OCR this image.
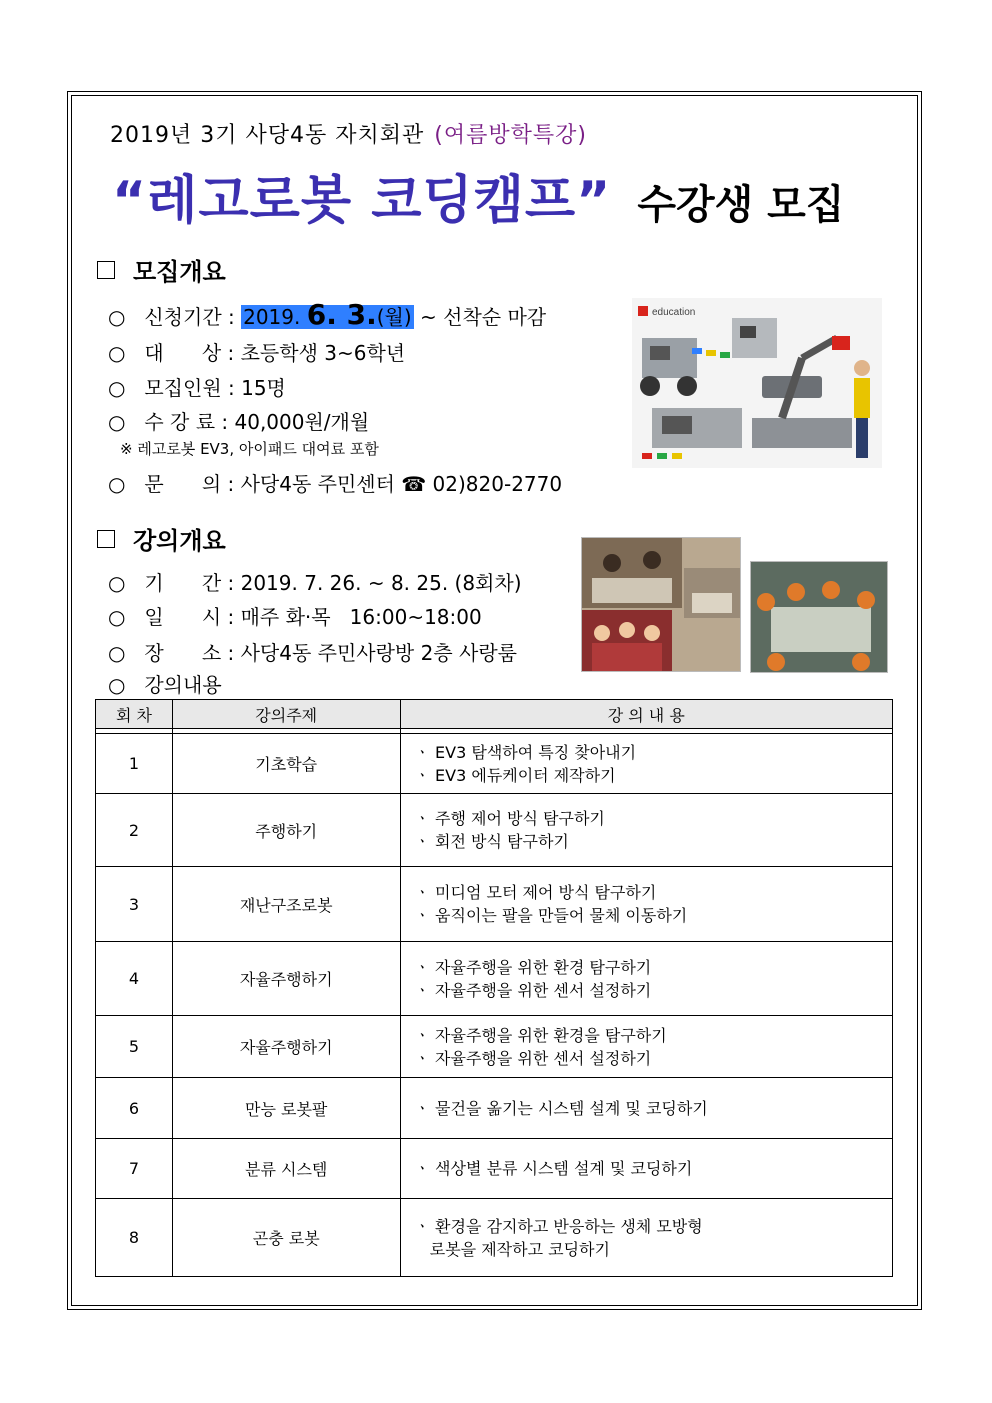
2019년 3기 사당4동 자치회관 (여름방학특강)
“레고로봇 코딩캠프” 수강생 모집
모집개요
○ 신청기간 : 2019. 6. 3.(월) ~ 선착순 마감
○ 대      상 : 초등학생 3~6학년
○ 모집인원 : 15명
○ 수 강 료 : 40,000원/개월
※ 레고로봇 EV3, 아이패드 대여료 포함
○ 문      의 : 사당4동 주민센터 ☎ 02)820-2770
education
강의개요
○ 기      간 : 2019. 7. 26. ~ 8. 25. (8회차)
○ 일      시 : 매주 화·목   16:00~18:00
○ 장      소 : 사당4동 주민사랑방 2층 사랑룸
○ 강의내용
회 차	강의주제	강 의 내 용

1	기초학습	ㆍ EV3 탐색하여 특징 찾아내기
ㆍ EV3 에듀케이터 제작하기

2	주행하기	ㆍ 주행 제어 방식 탐구하기
ㆍ 회전 방식 탐구하기

3	재난구조로봇	ㆍ 미디엄 모터 제어 방식 탐구하기
ㆍ 움직이는 팔을 만들어 물체 이동하기

4	자율주행하기	ㆍ 자율주행을 위한 환경 탐구하기
ㆍ 자율주행을 위한 센서 설정하기

5	자율주행하기	ㆍ 자율주행을 위한 환경을 탐구하기
ㆍ 자율주행을 위한 센서 설정하기

6	만능 로봇팔	ㆍ 물건을 옮기는 시스템 설계 및 코딩하기

7	분류 시스템	ㆍ 색상별 분류 시스템 설계 및 코딩하기

8	곤충 로봇	ㆍ 환경을 감지하고 반응하는 생체 모방형
로봇을 제작하고 코딩하기
